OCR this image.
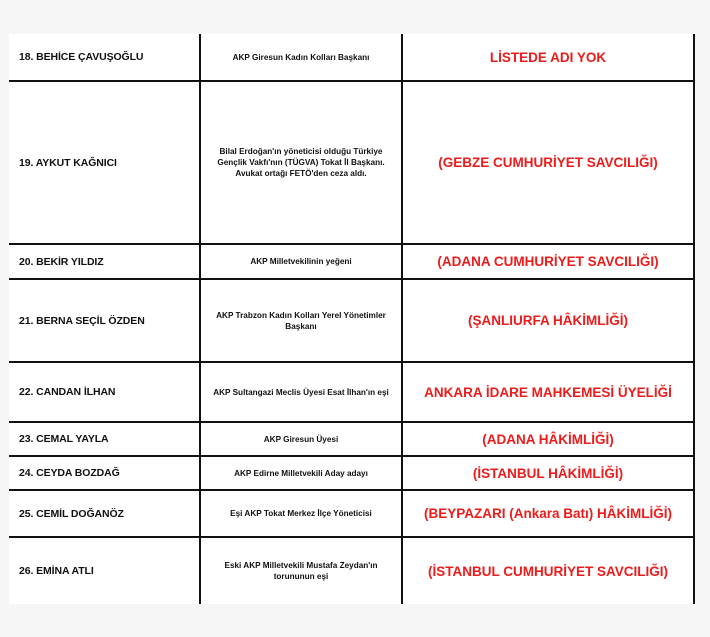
18. BEHİCE ÇAVUŞOĞLU	AKP Giresun Kadın Kolları Başkanı	LİSTEDE ADI YOK
19. AYKUT KAĞNICI	Bilal Erdoğan'ın yöneticisi olduğu Türkiye Gençlik Vakfı'nın (TÜGVA) Tokat İl Başkanı. Avukat ortağı FETÖ'den ceza aldı.	(GEBZE CUMHURİYET SAVCILIĞI)
20. BEKİR YILDIZ	AKP Milletvekilinin yeğeni	(ADANA CUMHURİYET SAVCILIĞI)
21. BERNA SEÇİL ÖZDEN	AKP Trabzon Kadın Kolları Yerel Yönetimler Başkanı	(ŞANLIURFA HÂKİMLİĞİ)
22. CANDAN İLHAN	AKP Sultangazi Meclis Üyesi Esat İlhan'ın eşi	ANKARA İDARE MAHKEMESİ ÜYELİĞİ
23. CEMAL YAYLA	AKP Giresun Üyesi	(ADANA HÂKİMLİĞİ)
24. CEYDA BOZDAĞ	AKP Edirne Milletvekili Aday adayı	(İSTANBUL HÂKİMLİĞİ)
25. CEMİL DOĞANÖZ	Eşi AKP Tokat Merkez İlçe Yöneticisi	(BEYPAZARI (Ankara Batı) HÂKİMLİĞİ)
26. EMİNA ATLI	Eski AKP Milletvekili Mustafa Zeydan'ın torununun eşi	(İSTANBUL CUMHURİYET SAVCILIĞI)
